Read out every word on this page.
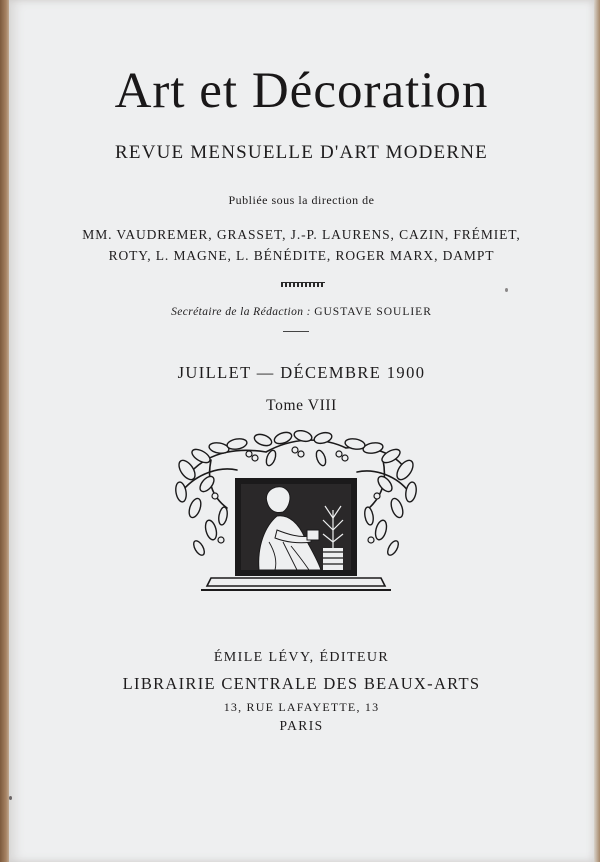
Art et Décoration
REVUE MENSUELLE D'ART MODERNE
Publiée sous la direction de
MM. VAUDREMER, GRASSET, J.-P. LAURENS, CAZIN, FRÉMIET,
ROTY, L. MAGNE, L. BÉNÉDITE, ROGER MARX, DAMPT
Secrétaire de la Rédaction : GUSTAVE SOULIER
JUILLET — DÉCEMBRE 1900
Tome VIII
ÉMILE LÉVY, ÉDITEUR
LIBRAIRIE CENTRALE DES BEAUX-ARTS
13, RUE LAFAYETTE, 13
PARIS
